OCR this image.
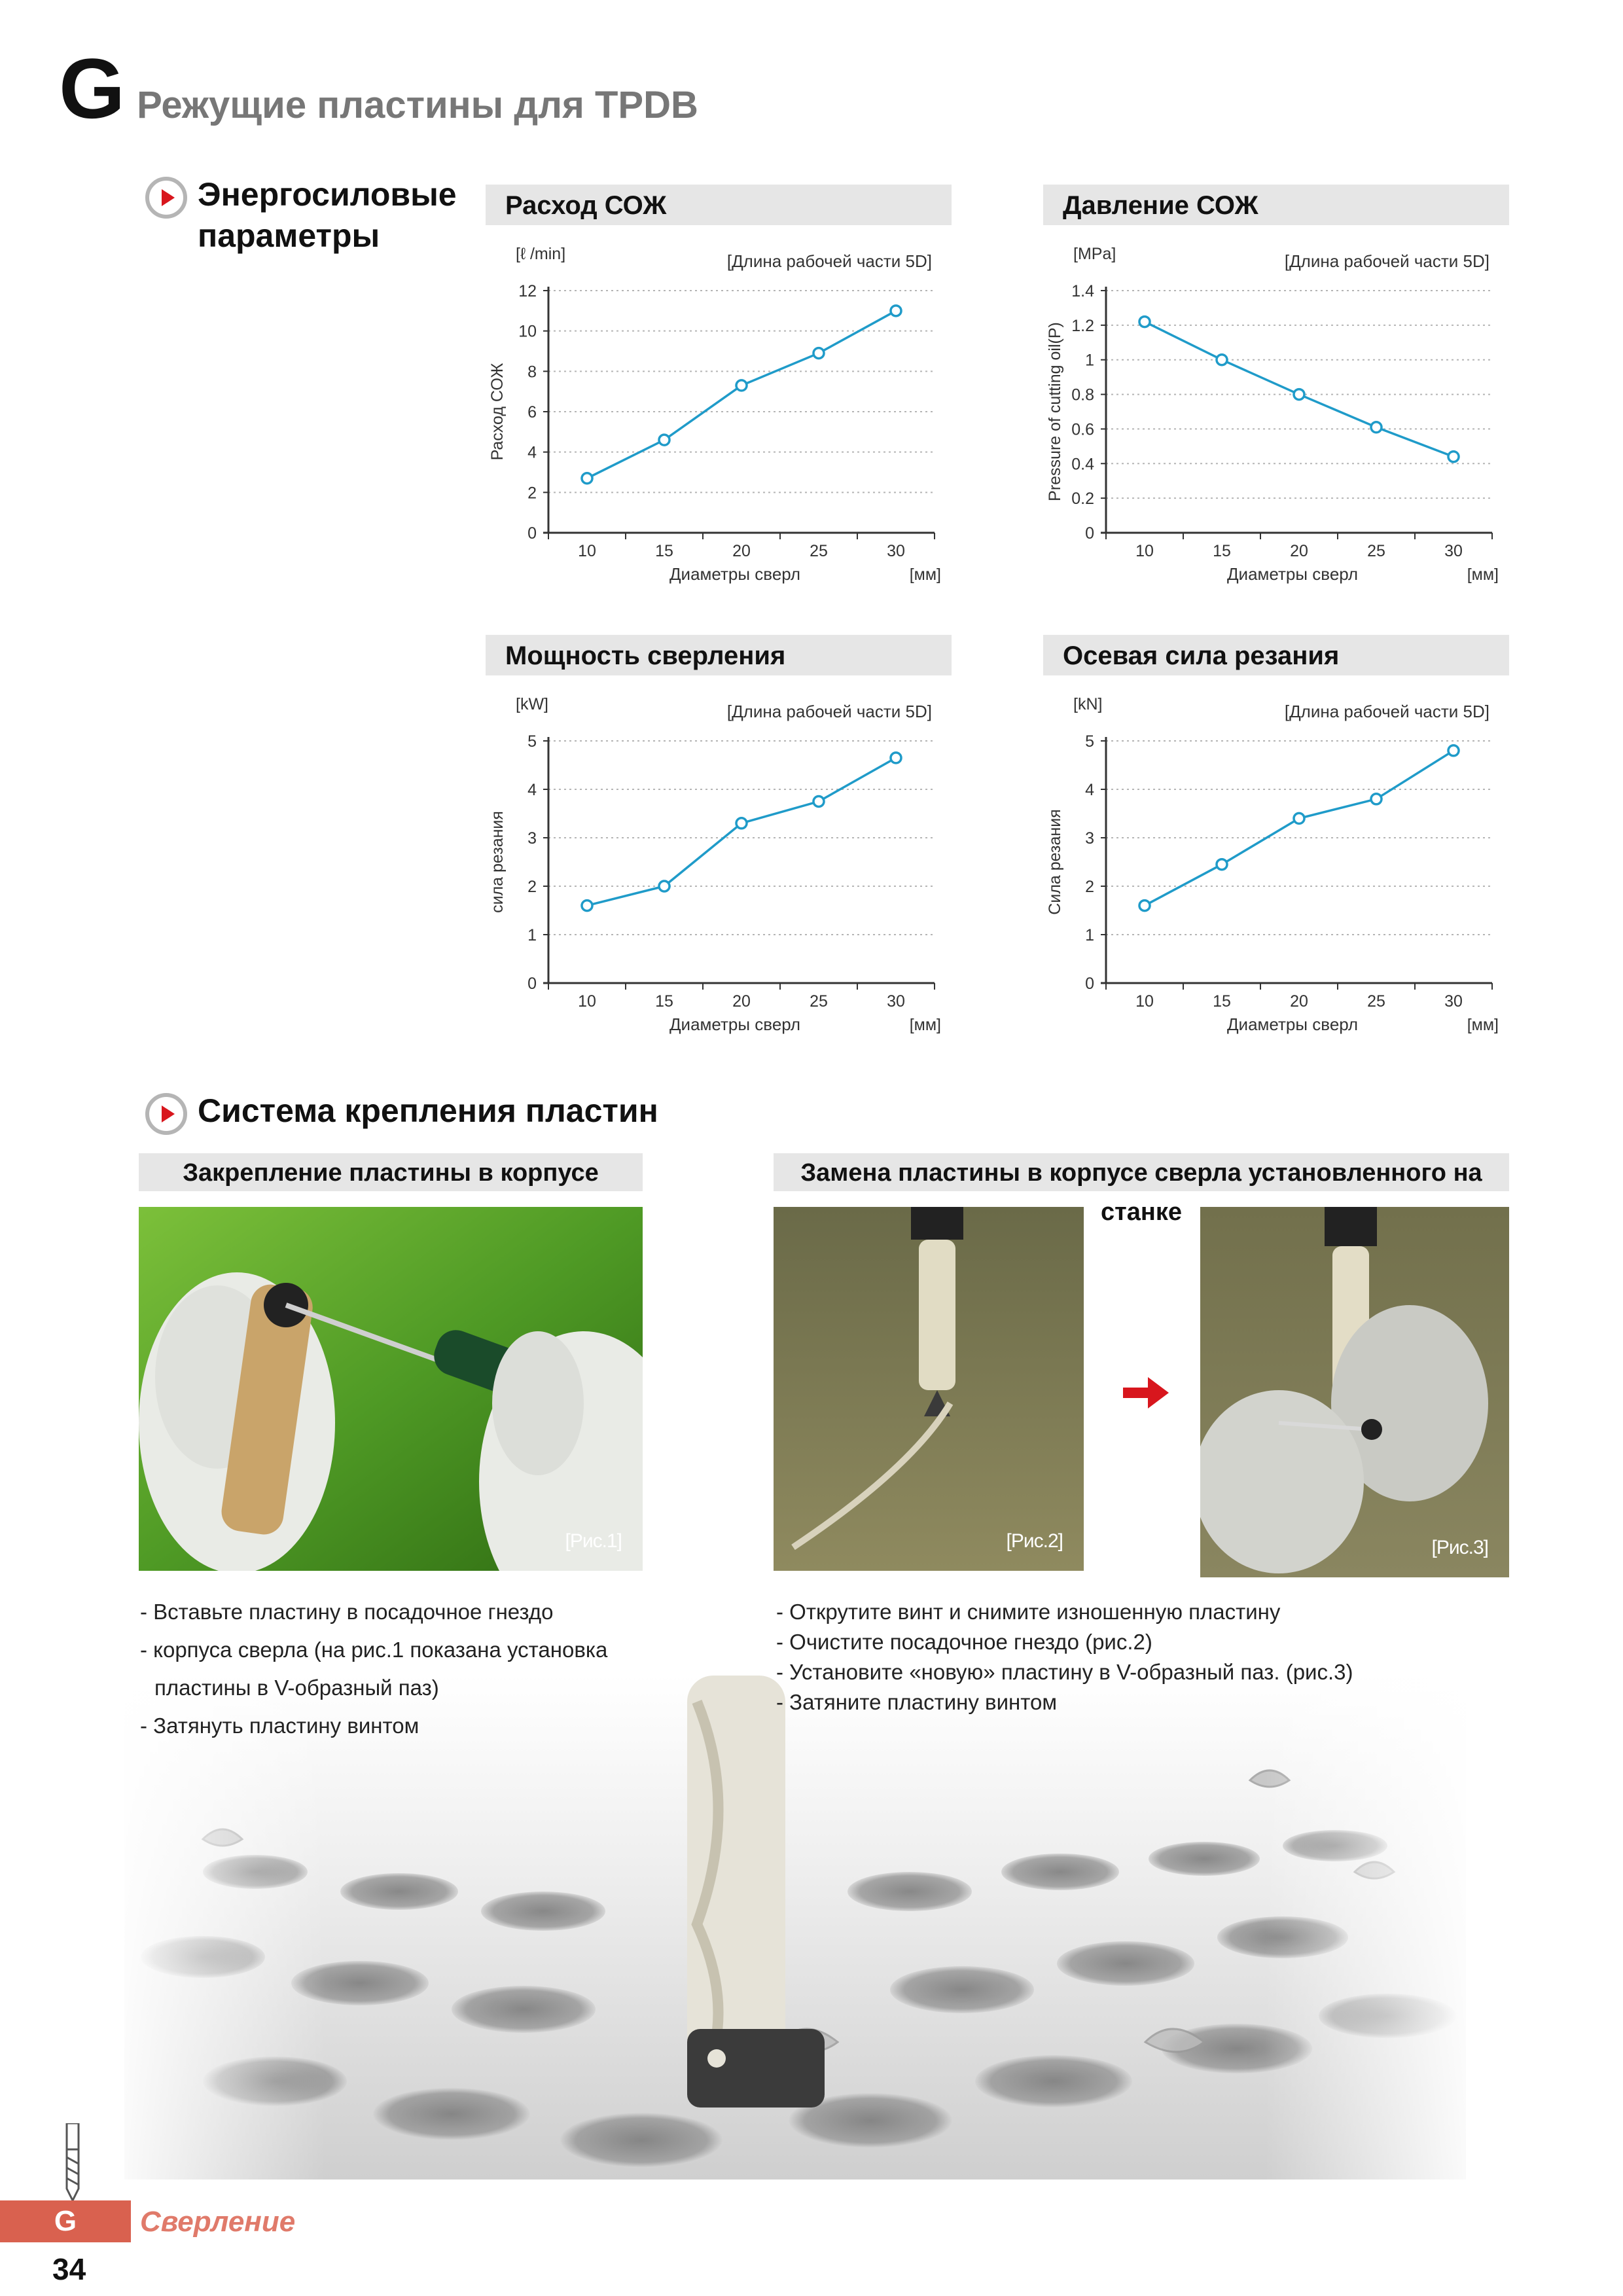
G Режущие пластины для TPDB
Энергосиловые
параметры
Расход СОЖ
[ℓ /min]	[Длина рабочей части 5D]
Расход СОЖ
0
2
4
6
8
10
12
10	15	20	25	30
Диаметры сверл	[мм]
Давление СОЖ
[MPa]	[Длина рабочей части 5D]
Pressure of cutting oil(P)
0
0.2
0.4
0.6
0.8
1
1.2
1.4
10	15	20	25	30
Диаметры сверл	[мм]
Мощность сверления
[kW]	[Длина рабочей части 5D]
сила резания
0
1
2
3
4
5
10	15	20	25	30
Диаметры сверл	[мм]
Осевая сила резания
[kN]	[Длина рабочей части 5D]
Сила резания
0
1
2
3
4
5
10	15	20	25	30
Диаметры сверл	[мм]
Система крепления пластин
Закрепление пластины в корпусе	Замена пластины в корпусе сверла установленного на станке
[Рис.1]	[Рис.2]	[Рис.3]
- Вставьте пластину в посадочное гнездо
- корпуса сверла (на рис.1 показана установка
пластины в V-образный паз)
- Затянуть пластину винтом
- Открутите винт и снимите изношенную пластину
- Очистите посадочное гнездо (рис.2)
- Установите «новую» пластину в V-образный паз. (рис.3)
- Затяните пластину винтом
G	Сверление
34
